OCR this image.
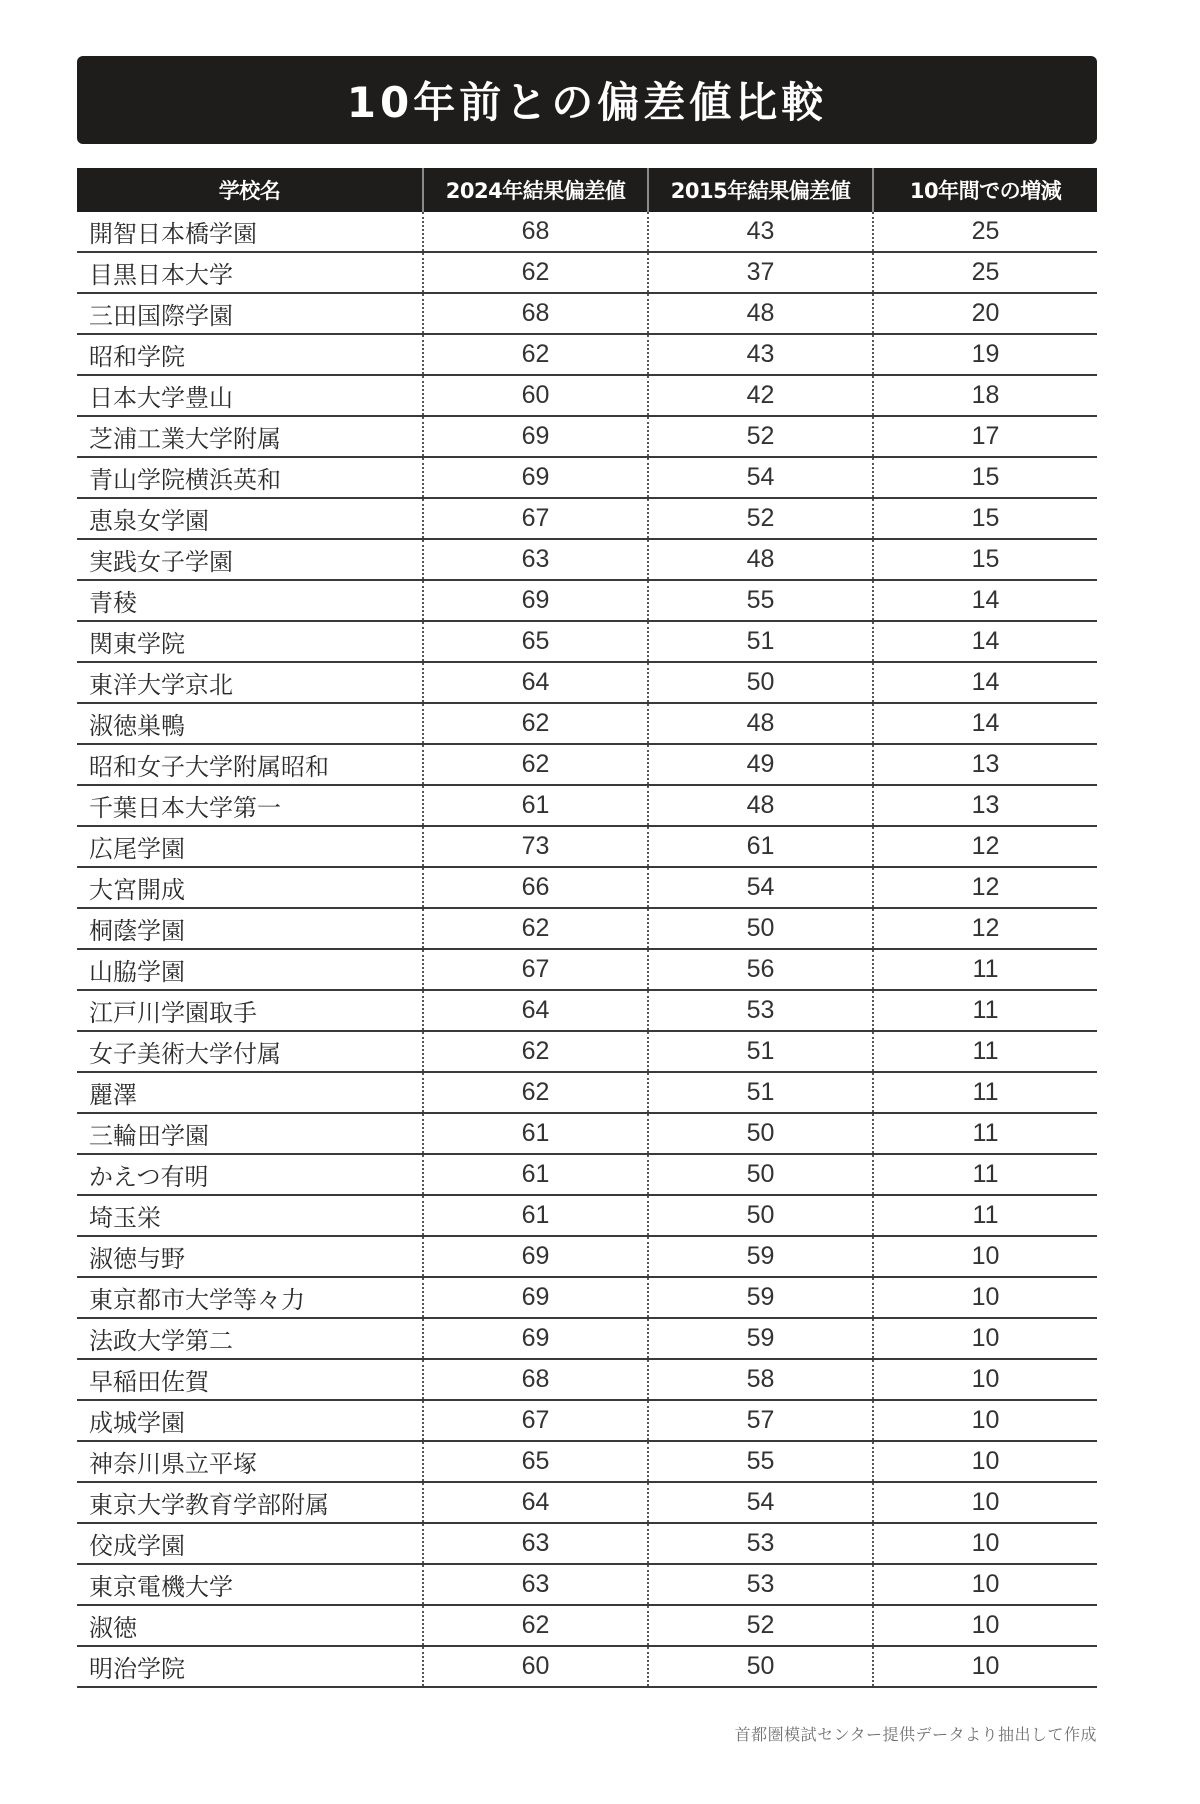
10年前との偏差値比較
学校名	2024年結果偏差値	2015年結果偏差値	10年間での増減
開智日本橋学園	68	43	25
目黒日本大学	62	37	25
三田国際学園	68	48	20
昭和学院	62	43	19
日本大学豊山	60	42	18
芝浦工業大学附属	69	52	17
青山学院横浜英和	69	54	15
恵泉女学園	67	52	15
実践女子学園	63	48	15
青稜	69	55	14
関東学院	65	51	14
東洋大学京北	64	50	14
淑徳巣鴨	62	48	14
昭和女子大学附属昭和	62	49	13
千葉日本大学第一	61	48	13
広尾学園	73	61	12
大宮開成	66	54	12
桐蔭学園	62	50	12
山脇学園	67	56	11
江戸川学園取手	64	53	11
女子美術大学付属	62	51	11
麗澤	62	51	11
三輪田学園	61	50	11
かえつ有明	61	50	11
埼玉栄	61	50	11
淑徳与野	69	59	10
東京都市大学等々力	69	59	10
法政大学第二	69	59	10
早稲田佐賀	68	58	10
成城学園	67	57	10
神奈川県立平塚	65	55	10
東京大学教育学部附属	64	54	10
佼成学園	63	53	10
東京電機大学	63	53	10
淑徳	62	52	10
明治学院	60	50	10
首都圏模試センター提供データより抽出して作成
